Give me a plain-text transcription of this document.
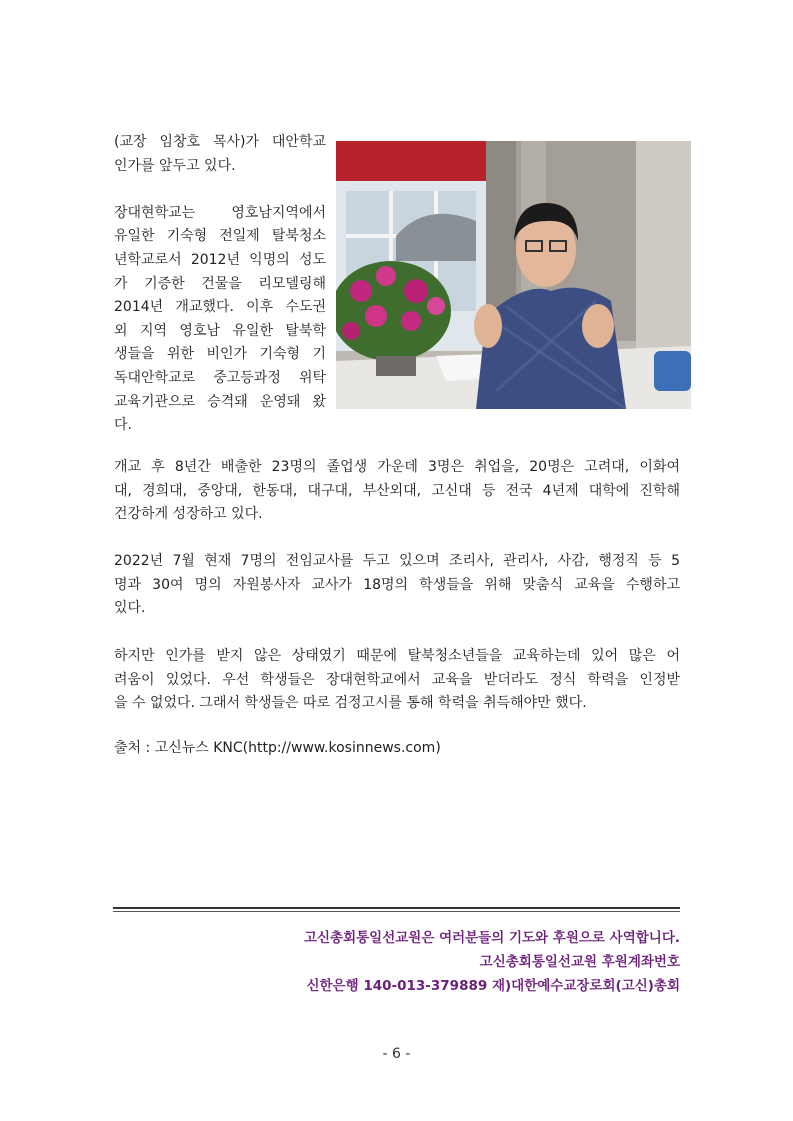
(교장 임창호 목사)가 대안학교
인가를 앞두고 있다.
장대현학교는 영호남지역에서
유일한 기숙형 전일제 탈북청소
년학교로서 2012년 익명의 성도
가 기증한 건물을 리모델링해
2014년 개교했다. 이후 수도권
외 지역 영호남 유일한 탈북학
생들을 위한 비인가 기숙형 기
독대안학교로 중고등과정 위탁
교육기관으로 승격돼 운영돼 왔
다.
개교 후 8년간 배출한 23명의 졸업생 가운데 3명은 취업을, 20명은 고려대, 이화여
대, 경희대, 중앙대, 한동대, 대구대, 부산외대, 고신대 등 전국 4년제 대학에 진학해
건강하게 성장하고 있다.
2022년 7월 현재 7명의 전임교사를 두고 있으며 조리사, 관리사, 사감, 행정직 등 5
명과 30여 명의 자원봉사자 교사가 18명의 학생들을 위해 맞춤식 교육을 수행하고
있다.
하지만 인가를 받지 않은 상태였기 때문에 탈북청소년들을 교육하는데 있어 많은 어
려움이 있었다. 우선 학생들은 장대현학교에서 교육을 받더라도 정식 학력을 인정받
을 수 없었다. 그래서 학생들은 따로 검정고시를 통해 학력을 취득해야만 했다.
출처 : 고신뉴스 KNC(http://www.kosinnews.com)
고신총회통일선교원은 여러분들의 기도와 후원으로 사역합니다.
고신총회통일선교원 후원계좌번호
신한은행 140-013-379889 재)대한예수교장로회(고신)총회
- 6 -
